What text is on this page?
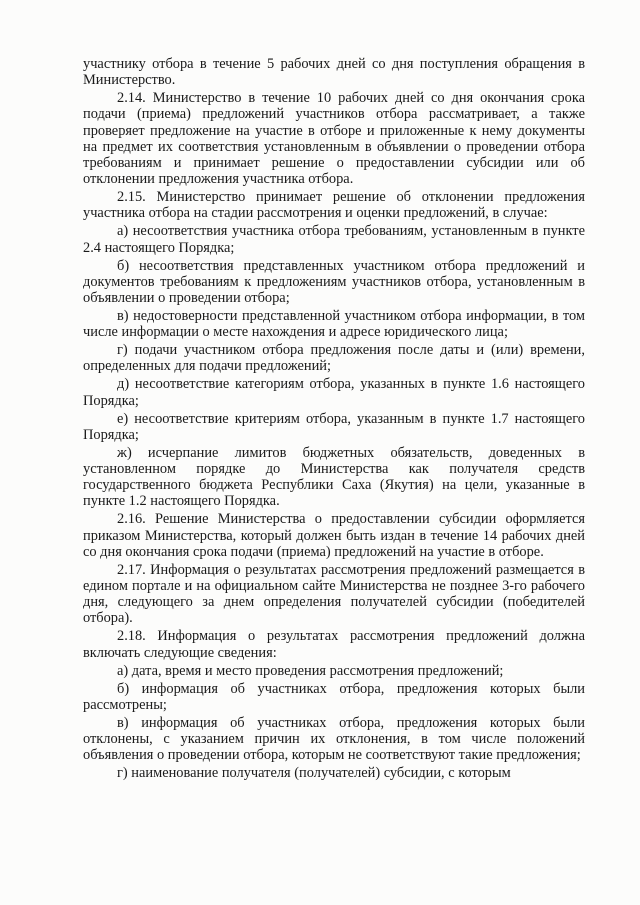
участнику отбора в течение 5 рабочих дней со дня поступления обращения в Министерство.

2.14. Министерство в течение 10 рабочих дней со дня окончания срока подачи (приема) предложений участников отбора рассматривает, а также проверяет предложение на участие в отборе и приложенные к нему документы на предмет их соответствия установленным в объявлении о проведении отбора требованиям и принимает решение о предоставлении субсидии или об отклонении предложения участника отбора.

2.15. Министерство принимает решение об отклонении предложения участника отбора на стадии рассмотрения и оценки предложений, в случае:

а) несоответствия участника отбора требованиям, установленным в пункте 2.4 настоящего Порядка;

б) несоответствия представленных участником отбора предложений и документов требованиям к предложениям участников отбора, установленным в объявлении о проведении отбора;

в) недостоверности представленной участником отбора информации, в том числе информации о месте нахождения и адресе юридического лица;

г) подачи участником отбора предложения после даты и (или) времени, определенных для подачи предложений;

д) несоответствие категориям отбора, указанных в пункте 1.6 настоящего Порядка;

е) несоответствие критериям отбора, указанным в пункте 1.7 настоящего Порядка;

ж) исчерпание лимитов бюджетных обязательств, доведенных в установленном порядке до Министерства как получателя средств государственного бюджета Республики Саха (Якутия) на цели, указанные в пункте 1.2 настоящего Порядка.

2.16. Решение Министерства о предоставлении субсидии оформляется приказом Министерства, который должен быть издан в течение 14 рабочих дней со дня окончания срока подачи (приема) предложений на участие в отборе.

2.17. Информация о результатах рассмотрения предложений размещается в едином портале и на официальном сайте Министерства не позднее 3-го рабочего дня, следующего за днем определения получателей субсидии (победителей отбора).

2.18. Информация о результатах рассмотрения предложений должна включать следующие сведения:

а) дата, время и место проведения рассмотрения предложений;

б) информация об участниках отбора, предложения которых были рассмотрены;

в) информация об участниках отбора, предложения которых были отклонены, с указанием причин их отклонения, в том числе положений объявления о проведении отбора, которым не соответствуют такие предложения;

г) наименование получателя (получателей) субсидии, с которым
